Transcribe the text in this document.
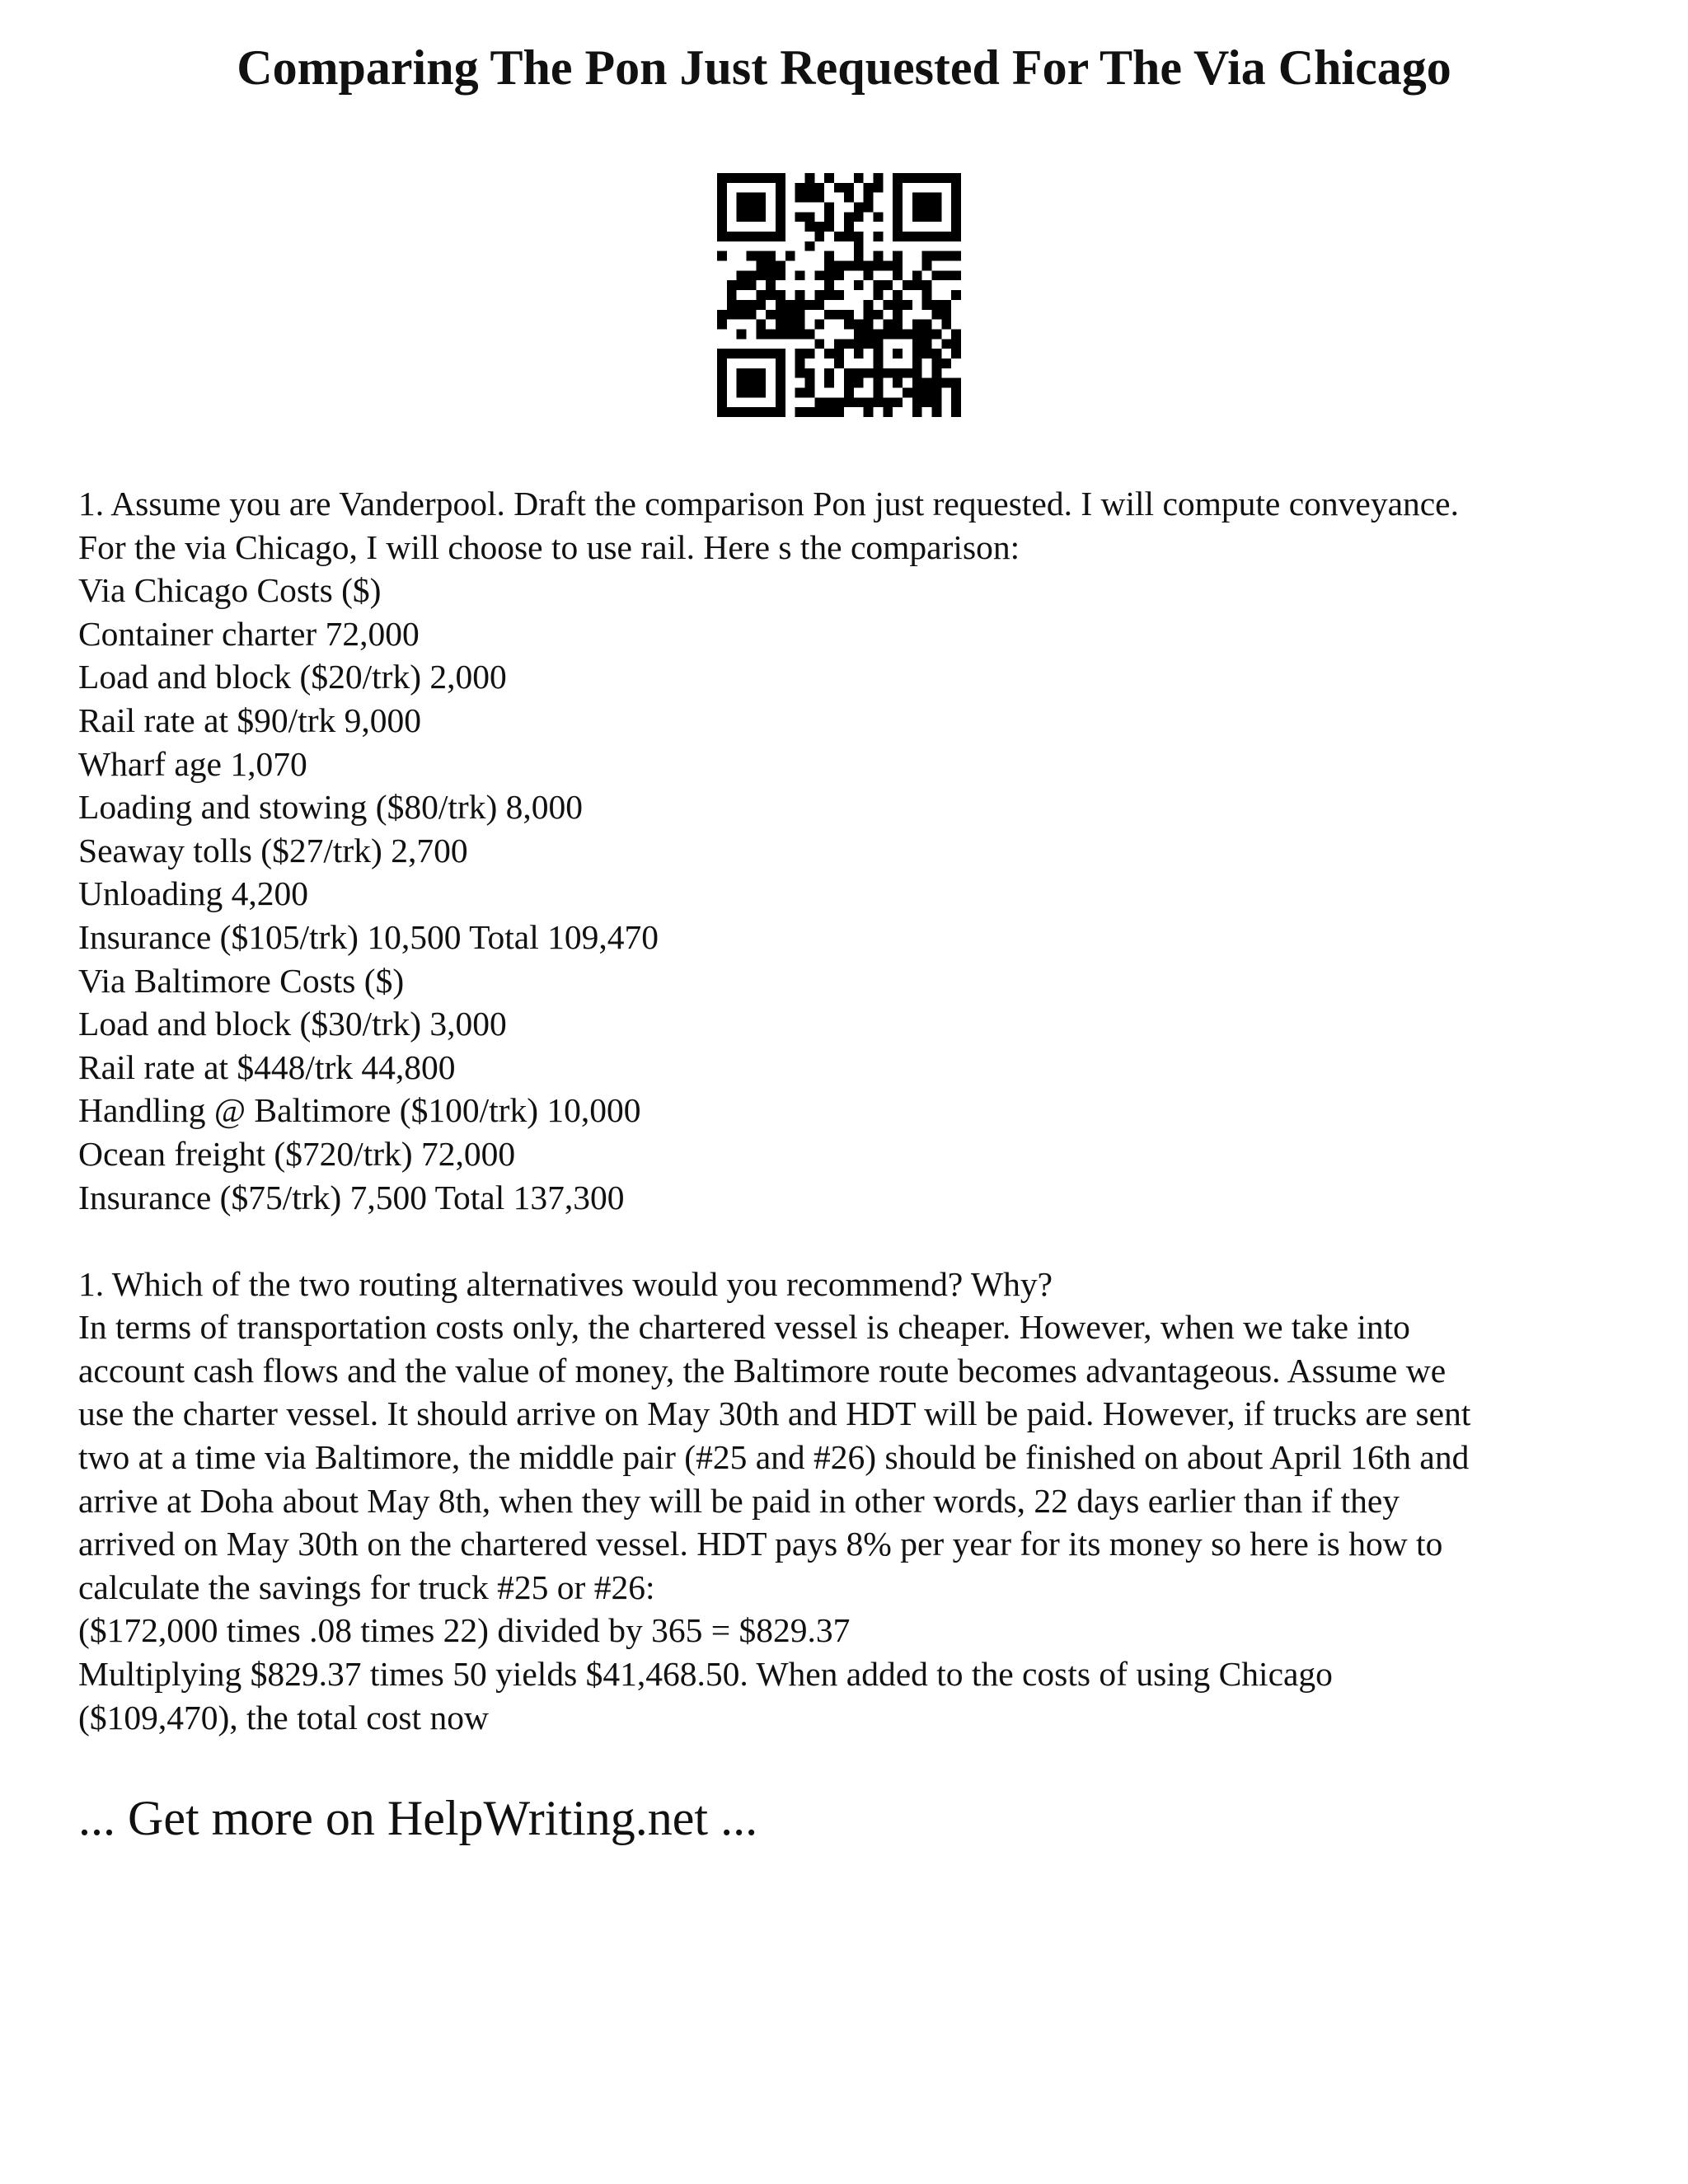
Comparing The Pon Just Requested For The Via Chicago
1. Assume you are Vanderpool. Draft the comparison Pon just requested. I will compute conveyance.
For the via Chicago, I will choose to use rail. Here s the comparison:
Via Chicago Costs ($)
Container charter 72,000
Load and block ($20/trk) 2,000
Rail rate at $90/trk 9,000
Wharf age 1,070
Loading and stowing ($80/trk) 8,000
Seaway tolls ($27/trk) 2,700
Unloading 4,200
Insurance ($105/trk) 10,500 Total 109,470
Via Baltimore Costs ($)
Load and block ($30/trk) 3,000
Rail rate at $448/trk 44,800
Handling @ Baltimore ($100/trk) 10,000
Ocean freight ($720/trk) 72,000
Insurance ($75/trk) 7,500 Total 137,300
1. Which of the two routing alternatives would you recommend? Why?
In terms of transportation costs only, the chartered vessel is cheaper. However, when we take into
account cash flows and the value of money, the Baltimore route becomes advantageous. Assume we
use the charter vessel. It should arrive on May 30th and HDT will be paid. However, if trucks are sent
two at a time via Baltimore, the middle pair (#25 and #26) should be finished on about April 16th and
arrive at Doha about May 8th, when they will be paid in other words, 22 days earlier than if they
arrived on May 30th on the chartered vessel. HDT pays 8% per year for its money so here is how to
calculate the savings for truck #25 or #26:
($172,000 times .08 times 22) divided by 365 = $829.37
Multiplying $829.37 times 50 yields $41,468.50. When added to the costs of using Chicago
($109,470), the total cost now
... Get more on HelpWriting.net ...
